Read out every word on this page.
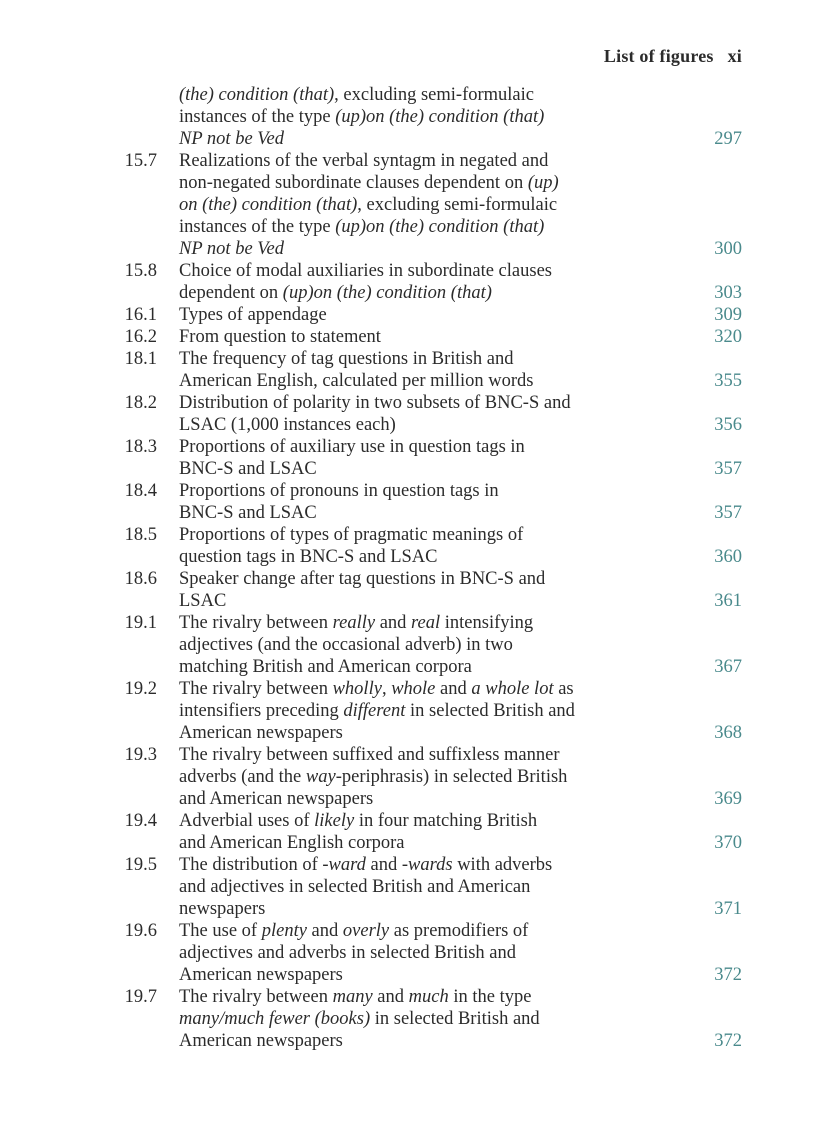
List of figures xi
(the) condition (that), excluding semi-formulaic
instances of the type (up)on (the) condition (that)
NP not be Ved	297
15.7 Realizations of the verbal syntagm in negated and
non-negated subordinate clauses dependent on (up)
on (the) condition (that), excluding semi-formulaic
instances of the type (up)on (the) condition (that)
NP not be Ved	300
15.8 Choice of modal auxiliaries in subordinate clauses
dependent on (up)on (the) condition (that)	303
16.1 Types of appendage	309
16.2 From question to statement	320
18.1 The frequency of tag questions in British and
American English, calculated per million words	355
18.2 Distribution of polarity in two subsets of BNC-S and
LSAC (1,000 instances each)	356
18.3 Proportions of auxiliary use in question tags in
BNC-S and LSAC	357
18.4 Proportions of pronouns in question tags in
BNC-S and LSAC	357
18.5 Proportions of types of pragmatic meanings of
question tags in BNC-S and LSAC	360
18.6 Speaker change after tag questions in BNC-S and
LSAC	361
19.1 The rivalry between really and real intensifying
adjectives (and the occasional adverb) in two
matching British and American corpora	367
19.2 The rivalry between wholly, whole and a whole lot as
intensifiers preceding different in selected British and
American newspapers	368
19.3 The rivalry between suffixed and suffixless manner
adverbs (and the way-periphrasis) in selected British
and American newspapers	369
19.4 Adverbial uses of likely in four matching British
and American English corpora	370
19.5 The distribution of -ward and -wards with adverbs
and adjectives in selected British and American
newspapers	371
19.6 The use of plenty and overly as premodifiers of
adjectives and adverbs in selected British and
American newspapers	372
19.7 The rivalry between many and much in the type
many/much fewer (books) in selected British and
American newspapers	372
